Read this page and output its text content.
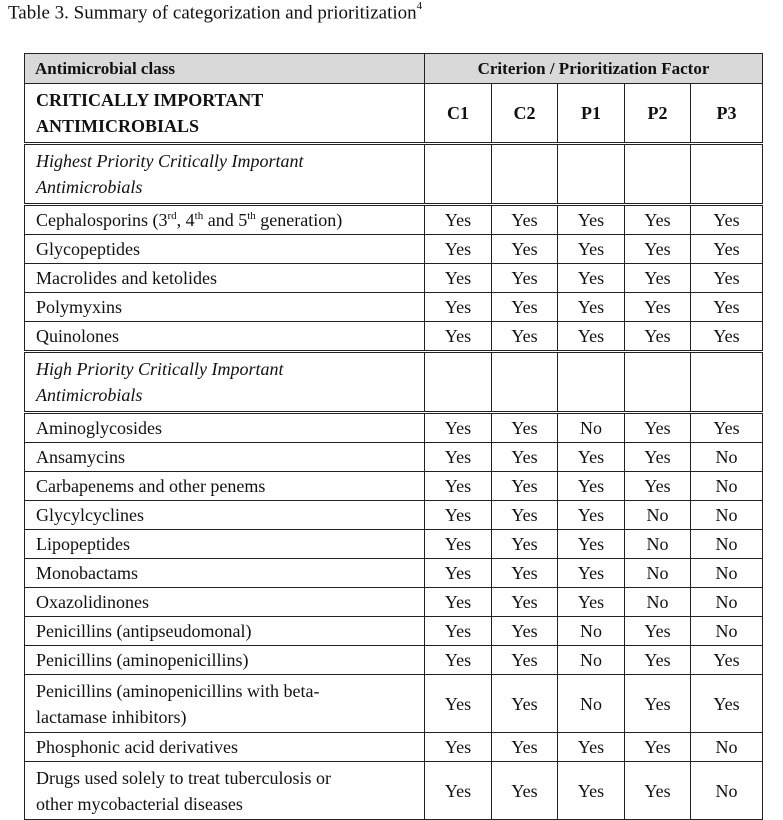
Table 3. Summary of categorization and prioritization$^4$
Antimicrobial class	Criterion / Prioritization Factor				

CRITICALLY IMPORTANT
ANTIMICROBIALS	C1	C2	P1	P2	P3

Highest Priority Critically Important
Antimicrobials					

Cephalosporins (3rd, 4th and 5th generation)	Yes	Yes	Yes	Yes	Yes
Glycopeptides	Yes	Yes	Yes	Yes	Yes
Macrolides and ketolides	Yes	Yes	Yes	Yes	Yes
Polymyxins	Yes	Yes	Yes	Yes	Yes
Quinolones	Yes	Yes	Yes	Yes	Yes

High Priority Critically Important
Antimicrobials					

Aminoglycosides	Yes	Yes	No	Yes	Yes
Ansamycins	Yes	Yes	Yes	Yes	No
Carbapenems and other penems	Yes	Yes	Yes	Yes	No
Glycylcyclines	Yes	Yes	Yes	No	No
Lipopeptides	Yes	Yes	Yes	No	No
Monobactams	Yes	Yes	Yes	No	No
Oxazolidinones	Yes	Yes	Yes	No	No
Penicillins (antipseudomonal)	Yes	Yes	No	Yes	No
Penicillins (aminopenicillins)	Yes	Yes	No	Yes	Yes

Penicillins (aminopenicillins with beta-
lactamase inhibitors)	Yes	Yes	No	Yes	Yes
Phosphonic acid derivatives	Yes	Yes	Yes	Yes	No

Drugs used solely to treat tuberculosis or
other mycobacterial diseases	Yes	Yes	Yes	Yes	No
